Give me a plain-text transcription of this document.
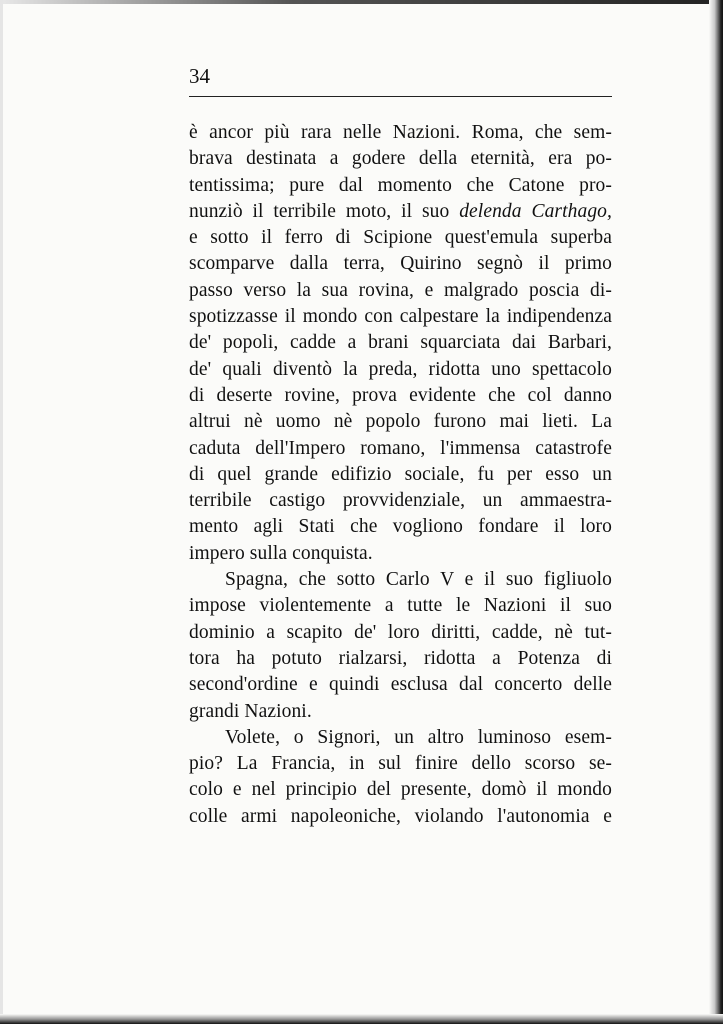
34

è ancor più rara nelle Nazioni. Roma, che sem-
brava destinata a godere della eternità, era po-
tentissima; pure dal momento che Catone pro-
nunziò il terribile moto, il suo delenda Carthago,
e sotto il ferro di Scipione quest'emula superba
scomparve dalla terra, Quirino segnò il primo
passo verso la sua rovina, e malgrado poscia di-
spotizzasse il mondo con calpestare la indipendenza
de' popoli, cadde a brani squarciata dai Barbari,
de' quali diventò la preda, ridotta uno spettacolo
di deserte rovine, prova evidente che col danno
altrui nè uomo nè popolo furono mai lieti. La
caduta dell'Impero romano, l'immensa catastrofe
di quel grande edifizio sociale, fu per esso un
terribile castigo provvidenziale, un ammaestra-
mento agli Stati che vogliono fondare il loro
impero sulla conquista.
Spagna, che sotto Carlo V e il suo figliuolo
impose violentemente a tutte le Nazioni il suo
dominio a scapito de' loro diritti, cadde, nè tut-
tora ha potuto rialzarsi, ridotta a Potenza di
second'ordine e quindi esclusa dal concerto delle
grandi Nazioni.
Volete, o Signori, un altro luminoso esem-
pio? La Francia, in sul finire dello scorso se-
colo e nel principio del presente, domò il mondo
colle armi napoleoniche, violando l'autonomia e
